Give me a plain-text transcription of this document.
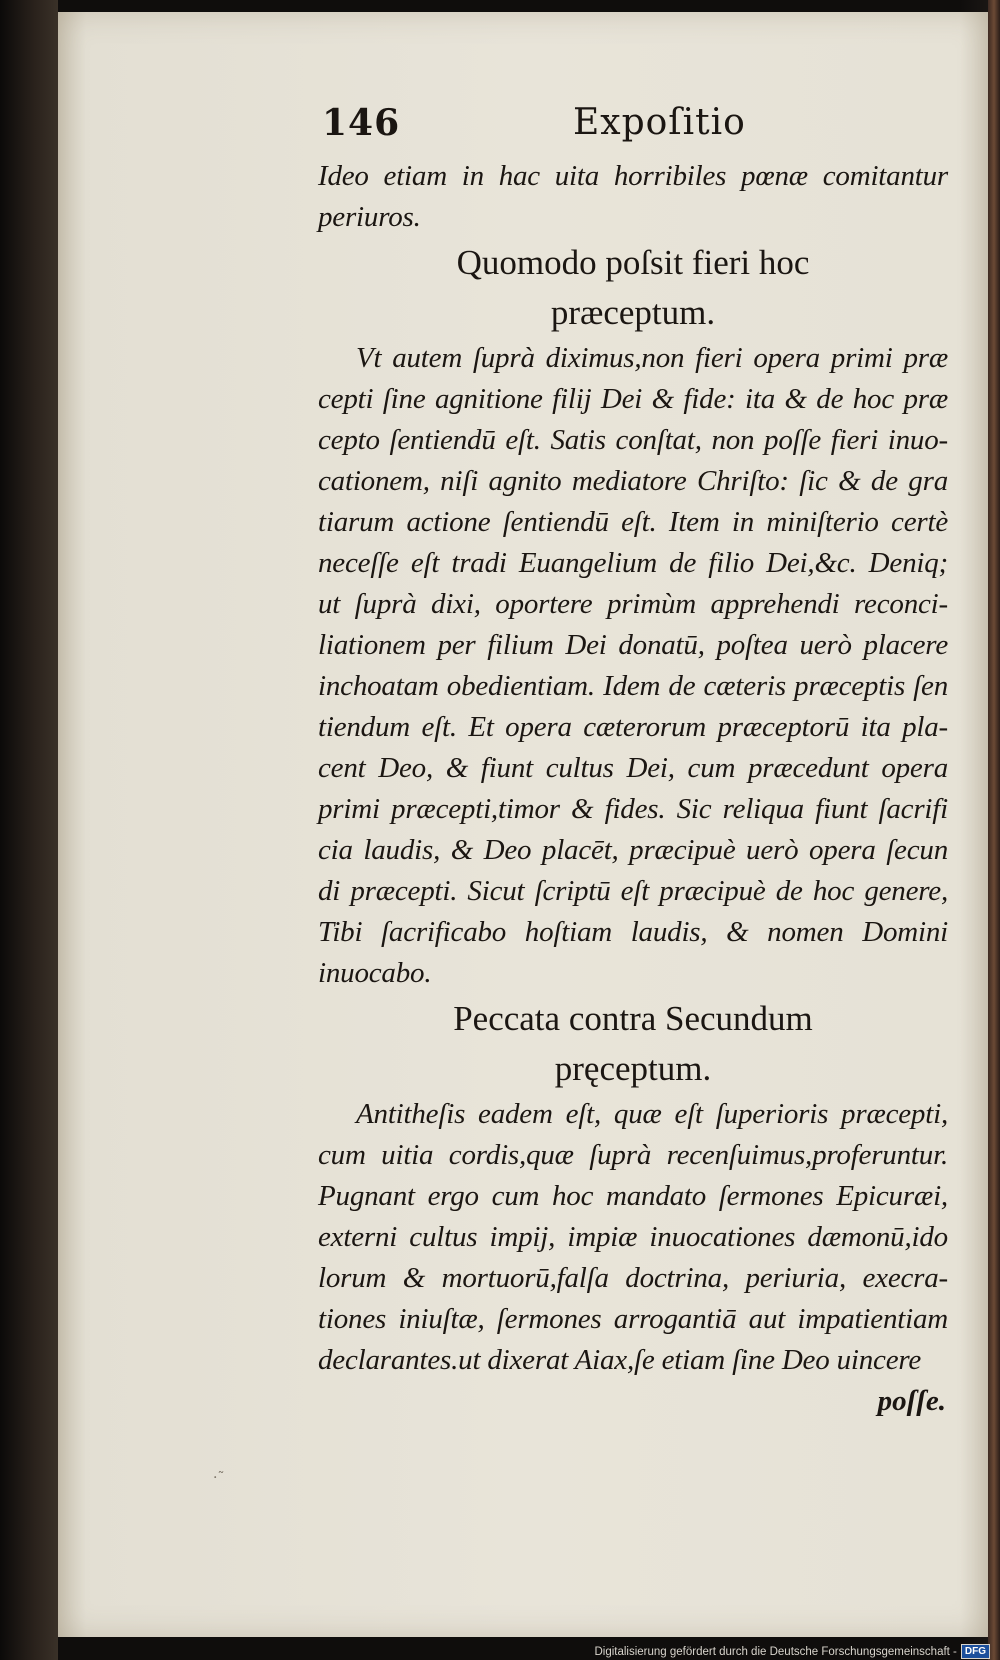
146	Expoſitio
Ideo etiam in hac uita horribiles pœnæ comitantur
periuros.
Quomodo poſsit fieri hoc
præceptum.
Vt autem ſuprà diximus,non fieri opera primi præ
cepti ſine agnitione filij Dei & fide: ita & de hoc præ
cepto ſentiendū eſt. Satis conſtat, non poſſe fieri inuo-
cationem, niſi agnito mediatore Chriſto: ſic & de gra
tiarum actione ſentiendū eſt. Item in miniſterio certè
neceſſe eſt tradi Euangelium de filio Dei,&c. Deniq;
ut ſuprà dixi, oportere primùm apprehendi reconci-
liationem per filium Dei donatū, poſtea uerò placere
inchoatam obedientiam. Idem de cæteris præceptis ſen
tiendum eſt. Et opera cæterorum præceptorū ita pla-
cent Deo, & fiunt cultus Dei, cum præcedunt opera
primi præcepti,timor & fides. Sic reliqua fiunt ſacrifi
cia laudis, & Deo placēt, præcipuè uerò opera ſecun
di præcepti. Sicut ſcriptū eſt præcipuè de hoc genere,
Tibi ſacrificabo hoſtiam laudis, & nomen Domini
inuocabo.
Peccata contra Secundum
pręceptum.
Antitheſis eadem eſt, quæ eſt ſuperioris præcepti,
cum uitia cordis,quæ ſuprà recenſuimus,proferuntur.
Pugnant ergo cum hoc mandato ſermones Epicuræi,
externi cultus impij, impiæ inuocationes dæmonū,ido
lorum & mortuorū,falſa doctrina, periuria, execra-
tiones iniuſtæ, ſermones arrogantiā aut impatientiam
declarantes.ut dixerat Aiax,ſe etiam ſine Deo uincere
poſſe.
·˜
Digitalisierung gefördert durch die Deutsche Forschungsgemeinschaft - DFG
